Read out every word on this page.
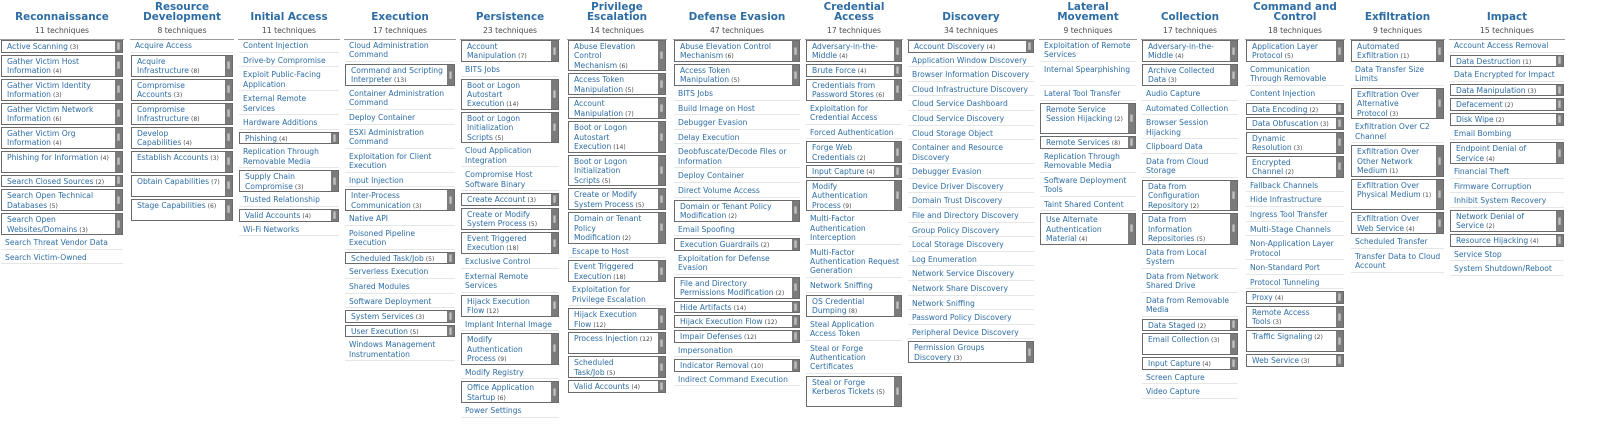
Reconnaissance
11 techniques
Active Scanning (3)	‖
Gather Victim Host Information (4)
‖
Gather Victim Identity Information (3)
‖
Gather Victim Network Information (6)
‖
Gather Victim Org Information (4)
‖
Phishing for Information (4) ‖
Search Closed Sources (2) ‖
Search Open Technical Databases (5)
‖
Search Open Websites/Domains (3)
‖
Search Threat Vendor Data
Search Victim-Owned
Resource Development
8 techniques
Acquire Access
Acquire Infrastructure (8)
‖
Compromise Accounts (3)
‖
Compromise Infrastructure (8)
‖
Develop Capabilities (4)
‖
Establish Accounts (3) ‖
Obtain Capabilities (7) ‖
Stage Capabilities (6) ‖
Initial Access
11 techniques
Content Injection
Drive-by Compromise
Exploit Public-Facing Application
External Remote Services
Hardware Additions
Phishing (4)	‖
Replication Through Removable Media
Supply Chain Compromise (3)
‖
Trusted Relationship
Valid Accounts (4)	‖
Wi-Fi Networks
Execution
17 techniques
Cloud Administration Command
Command and Scripting Interpreter (13)
‖
Container Administration Command
Deploy Container
ESXi Administration Command
Exploitation for Client Execution
Input Injection
Inter-Process Communication (3)
‖
Native API
Poisoned Pipeline Execution
Scheduled Task/Job (5) ‖
Serverless Execution
Shared Modules
Software Deployment
System Services (3)	‖
User Execution (5)	‖
Windows Management Instrumentation
Persistence
23 techniques
Account Manipulation (7)
‖
BITS Jobs
Boot or Logon Autostart Execution (14)
‖
Boot or Logon Initialization Scripts (5)
‖
Cloud Application Integration
Compromise Host Software Binary
Create Account (3) ‖
Create or Modify System Process (5)
‖
Event Triggered Execution (18)
‖
Exclusive Control
External Remote Services
Hijack Execution Flow (12)
‖
Implant Internal Image
Modify Authentication Process (9)
‖
Modify Registry
Office Application Startup (6)
‖
Power Settings
Privilege Escalation
14 techniques
Abuse Elevation Control Mechanism (6)
‖
Access Token Manipulation (5)
‖
Account Manipulation (7)
‖
Boot or Logon Autostart Execution (14)
‖
Boot or Logon Initialization Scripts (5)
‖
Create or Modify System Process (5)
‖
Domain or Tenant Policy Modification (2)
‖
Escape to Host
Event Triggered Execution (18)
‖
Exploitation for Privilege Escalation
Hijack Execution Flow (12)
‖
Process Injection (12) ‖
Scheduled Task/Job (5)
‖
Valid Accounts (4)	‖
Defense Evasion
47 techniques
Abuse Elevation Control Mechanism (6)
‖
Access Token Manipulation (5)
‖
BITS Jobs
Build Image on Host
Debugger Evasion
Delay Execution
Deobfuscate/Decode Files or Information
Deploy Container
Direct Volume Access
Domain or Tenant Policy Modification (2)
‖
Email Spoofing
Execution Guardrails (2)	‖
Exploitation for Defense Evasion
File and Directory Permissions Modification (2)
‖
Hide Artifacts (14)	‖
Hijack Execution Flow (12) ‖
Impair Defenses (12)	‖
Impersonation
Indicator Removal (10)	‖
Indirect Command Execution
Credential Access
17 techniques
Adversary-in-the-Middle (4)
‖
Brute Force (4)	‖
Credentials from Password Stores (6)
‖
Exploitation for Credential Access
Forced Authentication
Forge Web Credentials (2)
‖
Input Capture (4)	‖
Modify Authentication Process (9)
‖
Multi-Factor Authentication Interception
Multi-Factor Authentication Request Generation
Network Sniffing
OS Credential Dumping (8)
‖
Steal Application Access Token
Steal or Forge Authentication Certificates
Steal or Forge Kerberos Tickets (5) ‖
Discovery
34 techniques
Account Discovery (4)	‖
Application Window Discovery
Browser Information Discovery
Cloud Infrastructure Discovery
Cloud Service Dashboard
Cloud Service Discovery
Cloud Storage Object
Container and Resource Discovery
Debugger Evasion
Device Driver Discovery
Domain Trust Discovery
File and Directory Discovery
Group Policy Discovery
Local Storage Discovery
Log Enumeration
Network Service Discovery
Network Share Discovery
Network Sniffing
Password Policy Discovery
Peripheral Device Discovery
Permission Groups Discovery (3)
‖
Lateral Movement
9 techniques
Exploitation of Remote Services
Internal Spearphishing
Lateral Tool Transfer
Remote Service Session Hijacking (2) ‖
Remote Services (8) ‖
Replication Through Removable Media
Software Deployment Tools
Taint Shared Content
Use Alternate Authentication Material (4)
‖
Collection
17 techniques
Adversary-in-the-Middle (4)
‖
Archive Collected Data (3)
‖
Audio Capture
Automated Collection
Browser Session Hijacking
Clipboard Data
Data from Cloud Storage
Data from Configuration Repository (2)
‖
Data from Information Repositories (5)
‖
Data from Local System
Data from Network Shared Drive
Data from Removable Media
Data Staged (2)	‖
Email Collection (3) ‖
Input Capture (4)	‖
Screen Capture
Video Capture
Command and Control
18 techniques
Application Layer Protocol (5)
‖
Communication Through Removable
Content Injection
Data Encoding (2)	‖
Data Obfuscation (3) ‖
Dynamic Resolution (3)
‖
Encrypted Channel (2)
‖
Fallback Channels
Hide Infrastructure
Ingress Tool Transfer
Multi-Stage Channels
Non-Application Layer Protocol
Non-Standard Port
Protocol Tunneling
Proxy (4)	‖
Remote Access Tools (3)
‖
Traffic Signaling (2) ‖
Web Service (3)	‖
Exfiltration
9 techniques
Automated Exfiltration (1)
‖
Data Transfer Size Limits
Exfiltration Over Alternative Protocol (3)
‖
Exfiltration Over C2 Channel
Exfiltration Over Other Network Medium (1)
‖
Exfiltration Over Physical Medium (1) ‖
Exfiltration Over Web Service (4)
‖
Scheduled Transfer
Transfer Data to Cloud Account
Impact
15 techniques
Account Access Removal
Data Destruction (1)	‖
Data Encrypted for Impact
Data Manipulation (3)	‖
Defacement (2)	‖
Disk Wipe (2)	‖
Email Bombing
Endpoint Denial of Service (4)
‖
Financial Theft
Firmware Corruption
Inhibit System Recovery
Network Denial of Service (2)
‖
Resource Hijacking (4)	‖
Service Stop
System Shutdown/Reboot
